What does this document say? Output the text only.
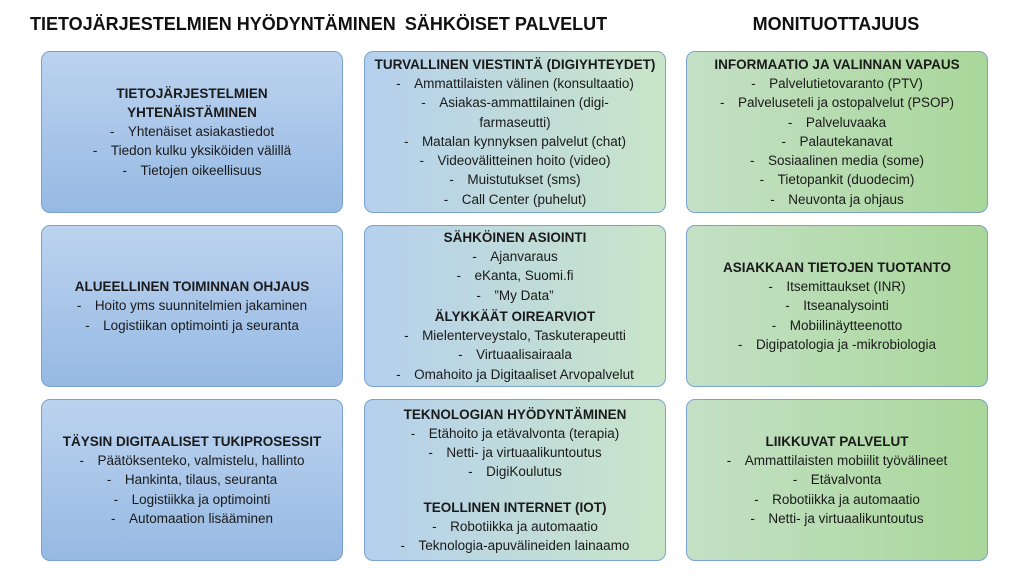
TIETOJÄRJESTELMIEN HYÖDYNTÄMINEN SÄHKÖISET PALVELUT	MONITUOTTAJUUS
TIETOJÄRJESTELMIEN YHTENÄISTÄMINEN
- Yhtenäiset asiakastiedot
- Tiedon kulku yksiköiden välillä
- Tietojen oikeellisuus
ALUEELLINEN TOIMINNAN OHJAUS
- Hoito yms suunnitelmien jakaminen
- Logistiikan optimointi ja seuranta
TÄYSIN DIGITAALISET TUKIPROSESSIT
- Päätöksenteko, valmistelu, hallinto
- Hankinta, tilaus, seuranta
- Logistiikka ja optimointi
- Automaation lisääminen
TURVALLINEN VIESTINTÄ (DIGIYHTEYDET)
- Ammattilaisten välinen (konsultaatio)
- Asiakas-ammattilainen (digi-
farmaseutti)
- Matalan kynnyksen palvelut (chat)
- Videovälitteinen hoito (video)
- Muistutukset (sms)
- Call Center (puhelut)
SÄHKÖINEN ASIOINTI
- Ajanvaraus
- eKanta, Suomi.fi
- ”My Data”
ÄLYKKÄÄT OIREARVIOT
- Mielenterveystalo, Taskuterapeutti
- Virtuaalisairaala
- Omahoito ja Digitaaliset Arvopalvelut
TEKNOLOGIAN HYÖDYNTÄMINEN
- Etähoito ja etävalvonta (terapia)
- Netti- ja virtuaalikuntoutus
- DigiKoulutus
TEOLLINEN INTERNET (IOT)
- Robotiikka ja automaatio
- Teknologia-apuvälineiden lainaamo
INFORMAATIO JA VALINNAN VAPAUS
- Palvelutietovaranto (PTV)
- Palveluseteli ja ostopalvelut (PSOP)
- Palveluvaaka
- Palautekanavat
- Sosiaalinen media (some)
- Tietopankit (duodecim)
- Neuvonta ja ohjaus
ASIAKKAAN TIETOJEN TUOTANTO
- Itsemittaukset (INR)
- Itseanalysointi
- Mobiilinäytteenotto
- Digipatologia ja -mikrobiologia
LIIKKUVAT PALVELUT
- Ammattilaisten mobiilit työvälineet
- Etävalvonta
- Robotiikka ja automaatio
- Netti- ja virtuaalikuntoutus
